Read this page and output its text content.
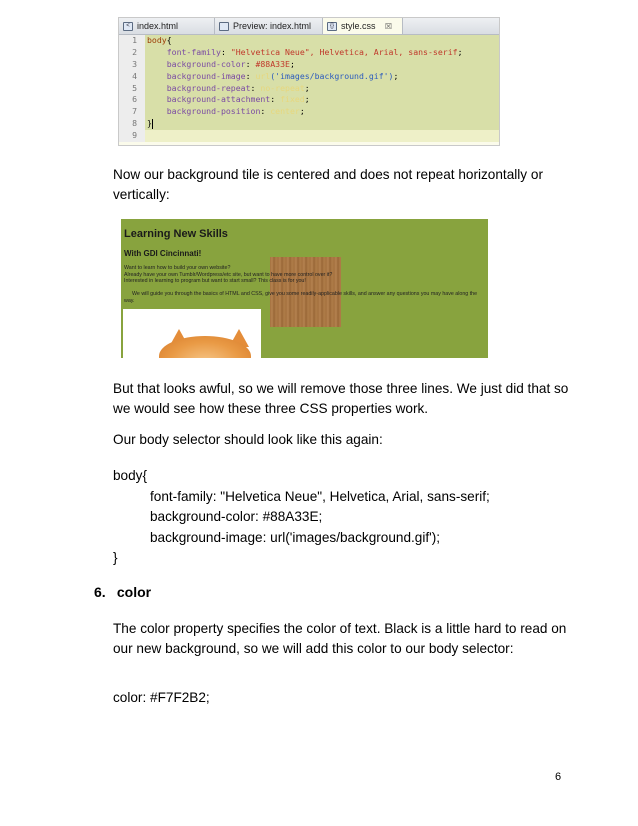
< index.html	Preview: index.html	{} style.css ☒
1	body{
2	font-family: "Helvetica Neue", Helvetica, Arial, sans-serif;
3	background-color: #88A33E;
4	background-image: url('images/background.gif');
5	background-repeat: no-repeat;
6	background-attachment: fixed;
7	background-position: center;
8	}
9

Now our background tile is centered and does not repeat horizontally or vertically:

Learning New Skills
With GDI Cincinnati!
Want to learn how to build your own website?
Already have your own Tumblr/Wordpress/etc site, but want to have more control over it?
Interested in learning to program but want to start small? This class is for you!
We will guide you through the basics of HTML and CSS, give you some readily-applicable skills, and answer any questions you may have along the way.

But that looks awful, so we will remove those three lines. We just did that so we would see how these three CSS properties work.

Our body selector should look like this again:

body{
font-family: "Helvetica Neue", Helvetica, Arial, sans-serif;
background-color: #88A33E;
background-image: url('images/background.gif');
}
6. color

The color property specifies the color of text. Black is a little hard to read on our new background, so we will add this color to our body selector:

color: #F7F2B2;

6
